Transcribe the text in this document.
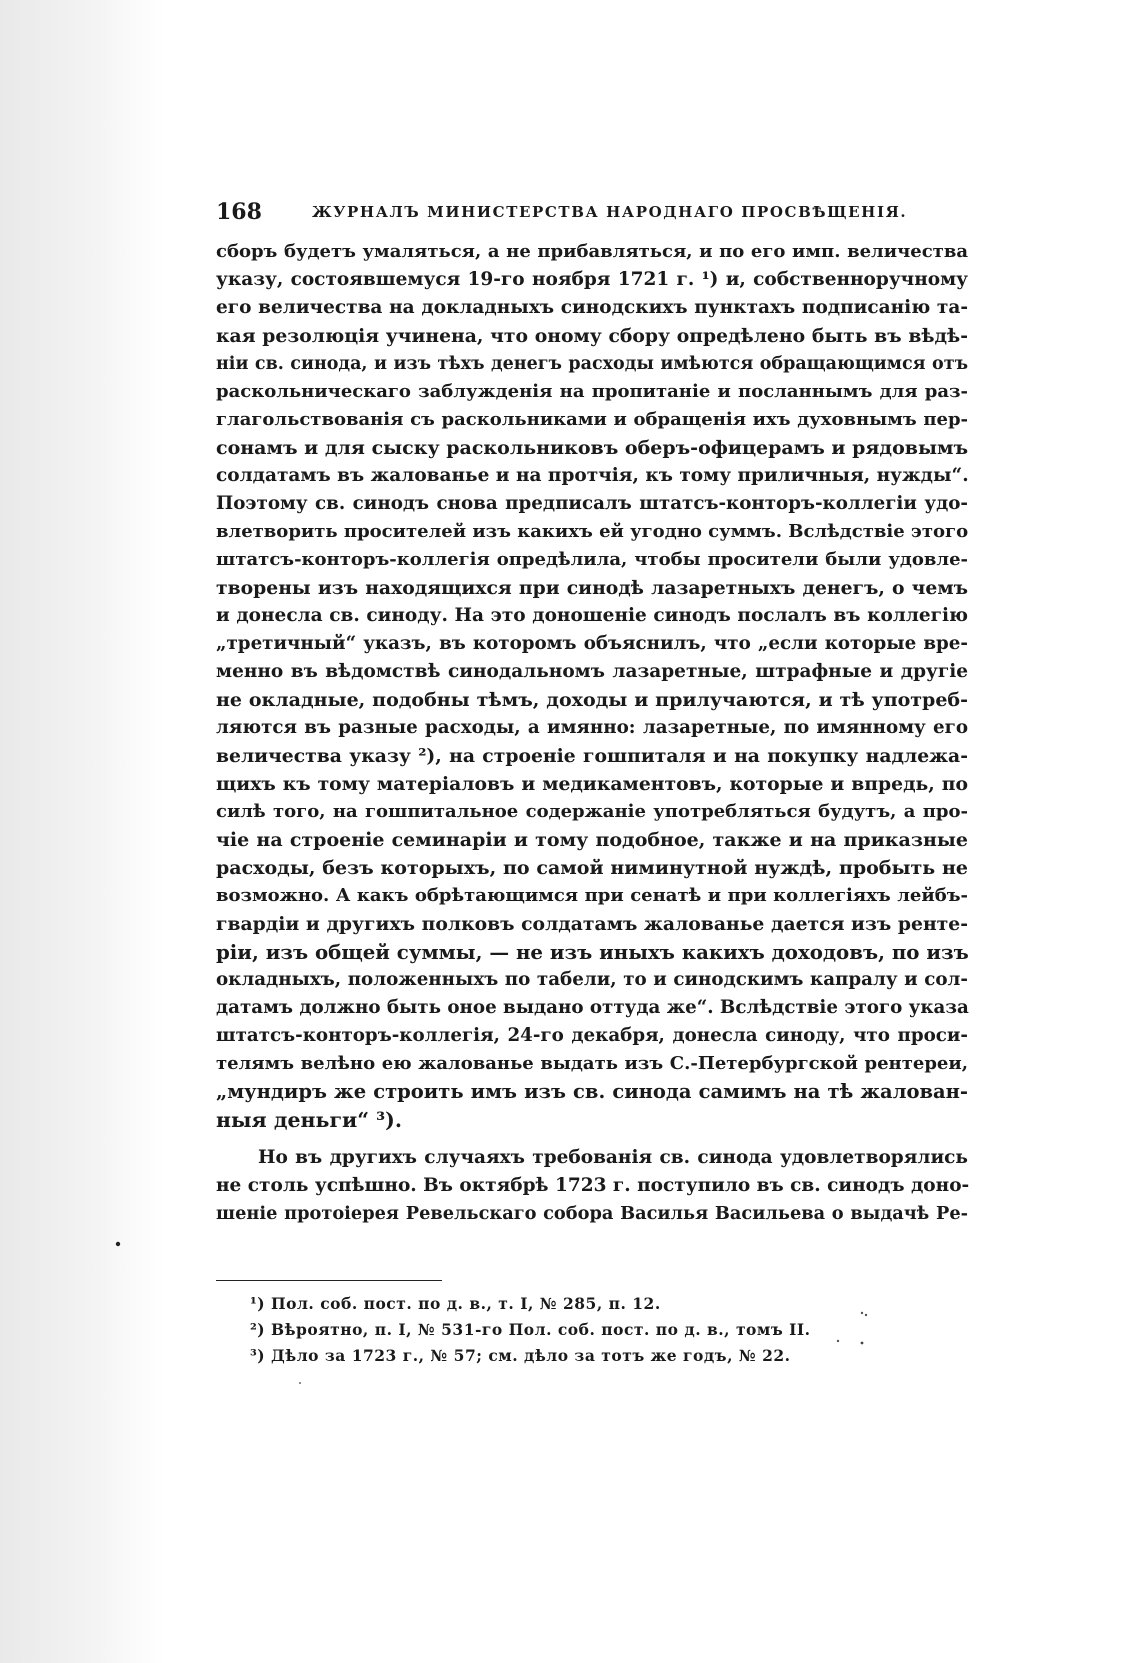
168	ЖУРНАЛЪ МИНИСТЕРСТВА НАРОДНАГО ПРОСВѢЩЕНІЯ.
сборъ будетъ умаляться, а не прибавляться, и по его имп. величества
указу, состоявшемуся 19-го ноября 1721 г. ¹) и, собственноручному
его величества на докладныхъ синодскихъ пунктахъ подписанію та-
кая резолюція учинена, что оному сбору опредѣлено быть въ вѣдѣ-
ніи св. синода, и изъ тѣхъ денегъ расходы имѣются обращающимся отъ
раскольническаго заблужденія на пропитаніе и посланнымъ для раз-
глагольствованія съ раскольниками и обращенія ихъ духовнымъ пер-
сонамъ и для сыску раскольниковъ оберъ-офицерамъ и рядовымъ
солдатамъ въ жалованье и на протчія, къ тому приличныя, нужды“.
Поэтому св. синодъ снова предписалъ штатсъ-конторъ-коллегіи удо-
влетворить просителей изъ какихъ ей угодно суммъ. Вслѣдствіе этого
штатсъ-конторъ-коллегія опредѣлила, чтобы просители были удовле-
творены изъ находящихся при синодѣ лазаретныхъ денегъ, о чемъ
и донесла св. синоду. На это доношеніе синодъ послалъ въ коллегію
„третичный“ указъ, въ которомъ объяснилъ, что „если которые вре-
менно въ вѣдомствѣ синодальномъ лазаретные, штрафные и другіе
не окладные, подобны тѣмъ, доходы и прилучаются, и тѣ употреб-
ляются въ разные расходы, а имянно: лазаретные, по имянному его
величества указу ²), на строеніе гошпиталя и на покупку надлежа-
щихъ къ тому матеріаловъ и медикаментовъ, которые и впредь, по
силѣ того, на гошпитальное содержаніе употребляться будутъ, а про-
чіе на строеніе семинаріи и тому подобное, также и на приказные
расходы, безъ которыхъ, по самой ниминутной нуждѣ, пробыть не
возможно. А какъ обрѣтающимся при сенатѣ и при коллегіяхъ лейбъ-
гвардіи и другихъ полковъ солдатамъ жалованье дается изъ ренте-
ріи, изъ общей суммы, — не изъ иныхъ какихъ доходовъ, по изъ
окладныхъ, положенныхъ по табели, то и синодскимъ капралу и сол-
датамъ должно быть оное выдано оттуда же“. Вслѣдствіе этого указа
штатсъ-конторъ-коллегія, 24-го декабря, донесла синоду, что проси-
телямъ велѣно ею жалованье выдать изъ С.-Петербургской рентереи,
„мундиръ же строить имъ изъ св. синода самимъ на тѣ жалован-
ныя деньги“ ³).
Но въ другихъ случаяхъ требованія св. синода удовлетворялись
не столь успѣшно. Въ октябрѣ 1723 г. поступило въ св. синодъ доно-
шеніе протоіерея Ревельскаго собора Василья Васильева о выдачѣ Ре-
¹) Пол. соб. пост. по д. в., т. I, № 285, п. 12.
²) Вѣроятно, п. I, № 531-го Пол. соб. пост. по д. в., томъ II.
³) Дѣло за 1723 г., № 57; см. дѣло за тотъ же годъ, № 22.
